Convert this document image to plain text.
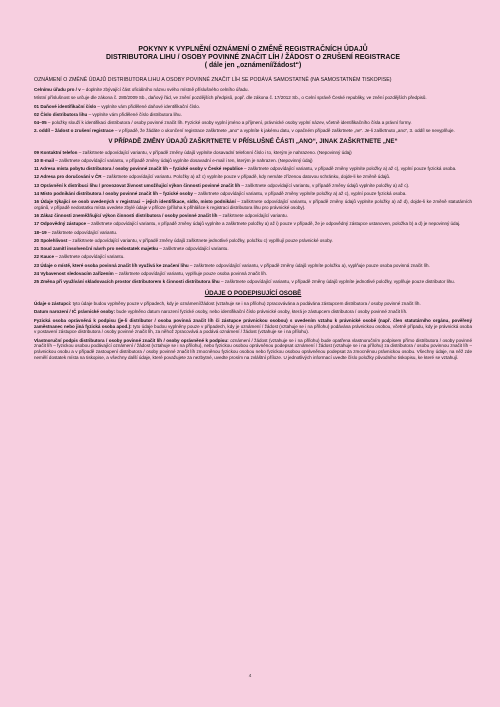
POKYNY K VYPLNĚNÍ OZNÁMENÍ O ZMĚNĚ REGISTRAČNÍCH ÚDAJŮ
DISTRIBUTORA LIHU / OSOBY POVINNÉ ZNAČIT LÍH / ŽÁDOST O ZRUŠENÍ REGISTRACE
( dále jen „oznámení/žádost“)
OZNÁMENÍ O ZMĚNĚ ÚDAJŮ DISTRIBUTORA LIHU A OSOBY POVINNÉ ZNAČIT LÍH SE PODÁVÁ SAMOSTATNĚ (NA SAMOSTATNÉM TISKOPISE)

Celnímu úřadu pro / v – doplníte zbývající část oficiálního názvu svého místně příslušného celního úřadu.

Místní příslušnost se určuje dle zákona č. 280/2009 Sb., daňový řád, ve znění pozdějších předpisů, popř. dle zákona č. 17/2012 Sb., o Celní správě České republiky, ve znění pozdějších předpisů.

01 Daňové identifikační číslo – vyplníte vám přidělené daňové identifikační číslo.

02 Číslo distributora lihu – vyplníte vám přidělené číslo distributora lihu.

04–05 – položky slouží k identifikaci distributora / osoby povinné značit líh. Fyzické osoby vyplní jméno a příjmení, právnické osoby vyplní název, včetně identifikačního čísla a právní formy.

2. oddíl – žádost o zrušení registrace – v případě, že žádáte o ukončení registrace zaškrtnete „ano“ a vyplníte k jakému datu, v opačném případě zaškrtnete „ne“. Je-li zaškrtnuto „ano“, 3. oddíl se nevyplňuje.

V PŘÍPADĚ ZMĚNY ÚDAJŮ ZAŠKRTNETE V PŘÍSLUŠNÉ ČÁSTI „ANO“, JINAK ZAŠKRTNETE „NE“

09 Kontaktní telefon – zaškrtnete odpovídající variantu, v případě změny údajů vyplníte dosavadní telefonní číslo i to, kterým je nahrazeno. (Nepovinný údaj)

10 E-mail – zaškrtnete odpovídající variantu, v případě změny údajů vyplníte dosavadní e-mail i ten, kterým je nahrazen. (Nepovinný údaj)

11 Adresa místa pobytu distributora / osoby povinné značit líh – fyzické osoby v České republice – zaškrtnete odpovídající variantu, v případě změny vyplníte položky a) až c), vyplní pouze fyzická osoba.

12 Adresa pro doručování v ČR – zaškrtnete odpovídající variantu. Položky a) až c) vyplníte pouze v případě, kdy nemáte zřízenou datovou schránku, dojde-li ke změně údajů.

13 Oprávnění k distribuci lihu / provozovat živnost umožňující výkon činnosti povinné značit líh – zaškrtnete odpovídající variantu, v případě změny údajů vyplníte položky a) až c).

14 Místo podnikání distributora / osoby povinné značit líh – fyzické osoby – zaškrtnete odpovídající variantu, v případě změny vyplníte položky a) až c), vyplní pouze fyzická osoba.

16 Údaje týkající se osob uvedených v registraci – jejich identifikace, sídlo, místo podnikání – zaškrtnete odpovídající variantu, v případě změny údajů vyplníte položky a) až d), dojde-li ke změně statutárních orgánů, v případě nedostatku místa uvedete zbylé údaje v příloze (příloha k přihlášce k registraci distributora lihu pro právnické osoby).

16 Zákaz činnosti zneměžňující výkon činnosti distributora / osoby povinné značit líh – zaškrtnete odpovídající variantu.

17 Odpovědný zástupce – zaškrtnete odpovídající variantu, v případě změny údajů vyplníte a zaškrtnete položky a) až i) pouze v případě, že je odpovědný zástupce ustanoven, položka b) a d) je nepovinný údaj.

18–19 – zaškrtnete odpovídající variantu.

20 Spolehlivost – zaškrtnete odpovídající variantu, v případě změny údajů zaškrtnete jednotlivé položky, položku c) vyplňují pouze právnické osoby.

21 Soud zamítl insolvenční návrh pro nedostatek majetku – zaškrtnete odpovídající variantu.

22 Kauce – zaškrtnete odpovídající variantu.

23 Údaje o místě, které osoba povinná značit líh využívá ke značení lihu – zaškrtnete odpovídající variantu, v případě změny údajů vyplníte položku a), vyplňuje pouze osoba povinná značit líh.

24 Vybavenost sledovacím zařízením – zaškrtnete odpovídající variantu, vyplňuje pouze osoba povinná značit líh.

25 Změna při využívání skladovacích prostor distributorem k činnosti distributora lihu – zaškrtnete odpovídající variantu, v případě změny údajů vyplníte jednotlivé položky, vyplňuje pouze distributor lihu.

ÚDAJE O PODEPISUJÍCÍ OSOBĚ

Údaje o zástupci: tyto údaje budou vyplněny pouze v případech, kdy je oznámení/žádost (vztahuje se i na přílohu) zpracovávána a podávána zástupcem distributora / osoby povinné značit líh.

Datum narození / IČ právnické osoby: bude vyplněno datum narození fyzické osoby, nebo identifikační číslo právnické osoby, která je zástupcem distributora / osoby povinné značit líh.

Fyzická osoba oprávněná k podpisu (je-li distributor / osoba povinná značit líh či zástupce právnickou osobou) s uvedením vztahu k právnické osobě (např. člen statutárního orgánu, pověřený zaměstnanec nebo jiná fyzická osoba apod.): tyto údaje budou vyplněny pouze v případech, kdy je oznámení / žádost (vztahuje se i na přílohu) podávána právnickou osobou, včetně případu, kdy je právnická osoba v postavení zástupce distributora / osoby povinné značit líh, za něhož zpracovává a podává oznámení / žádost (vztahuje se i na přílohu).

Vlastnoruční podpis distributora / osoby povinné značit líh / osoby oprávněné k podpisu: oznámení / žádost (vztahuje se i na přílohu) bude opatřena vlastnoručním podpisem přímo distributora / osoby povinné značit líh – fyzickou osobou podávající oznámení / žádost (vztahuje se i na přílohu), nebo fyzickou osobou oprávněnou podepsat oznámení / žádost (vztahuje se i na přílohu) za distributora / osobu povinnou značit líh – právnickou osobu a v případě zastoupení distributora / osoby povinné značit líh zmocněnou fyzickou osobou nebo fyzickou osobou oprávněnou podepsat za zmocněnou právnickou osobu. Všechny údaje, na něž zde nemělí dostatek místa na tiskopise, a všechny další údaje, které považujete za nezbytné, uvedte prosím na zvláštní příloze. U jednotlivých informací uvedte číslo položky původního tiskopisu, ke které se vztahují.

4
